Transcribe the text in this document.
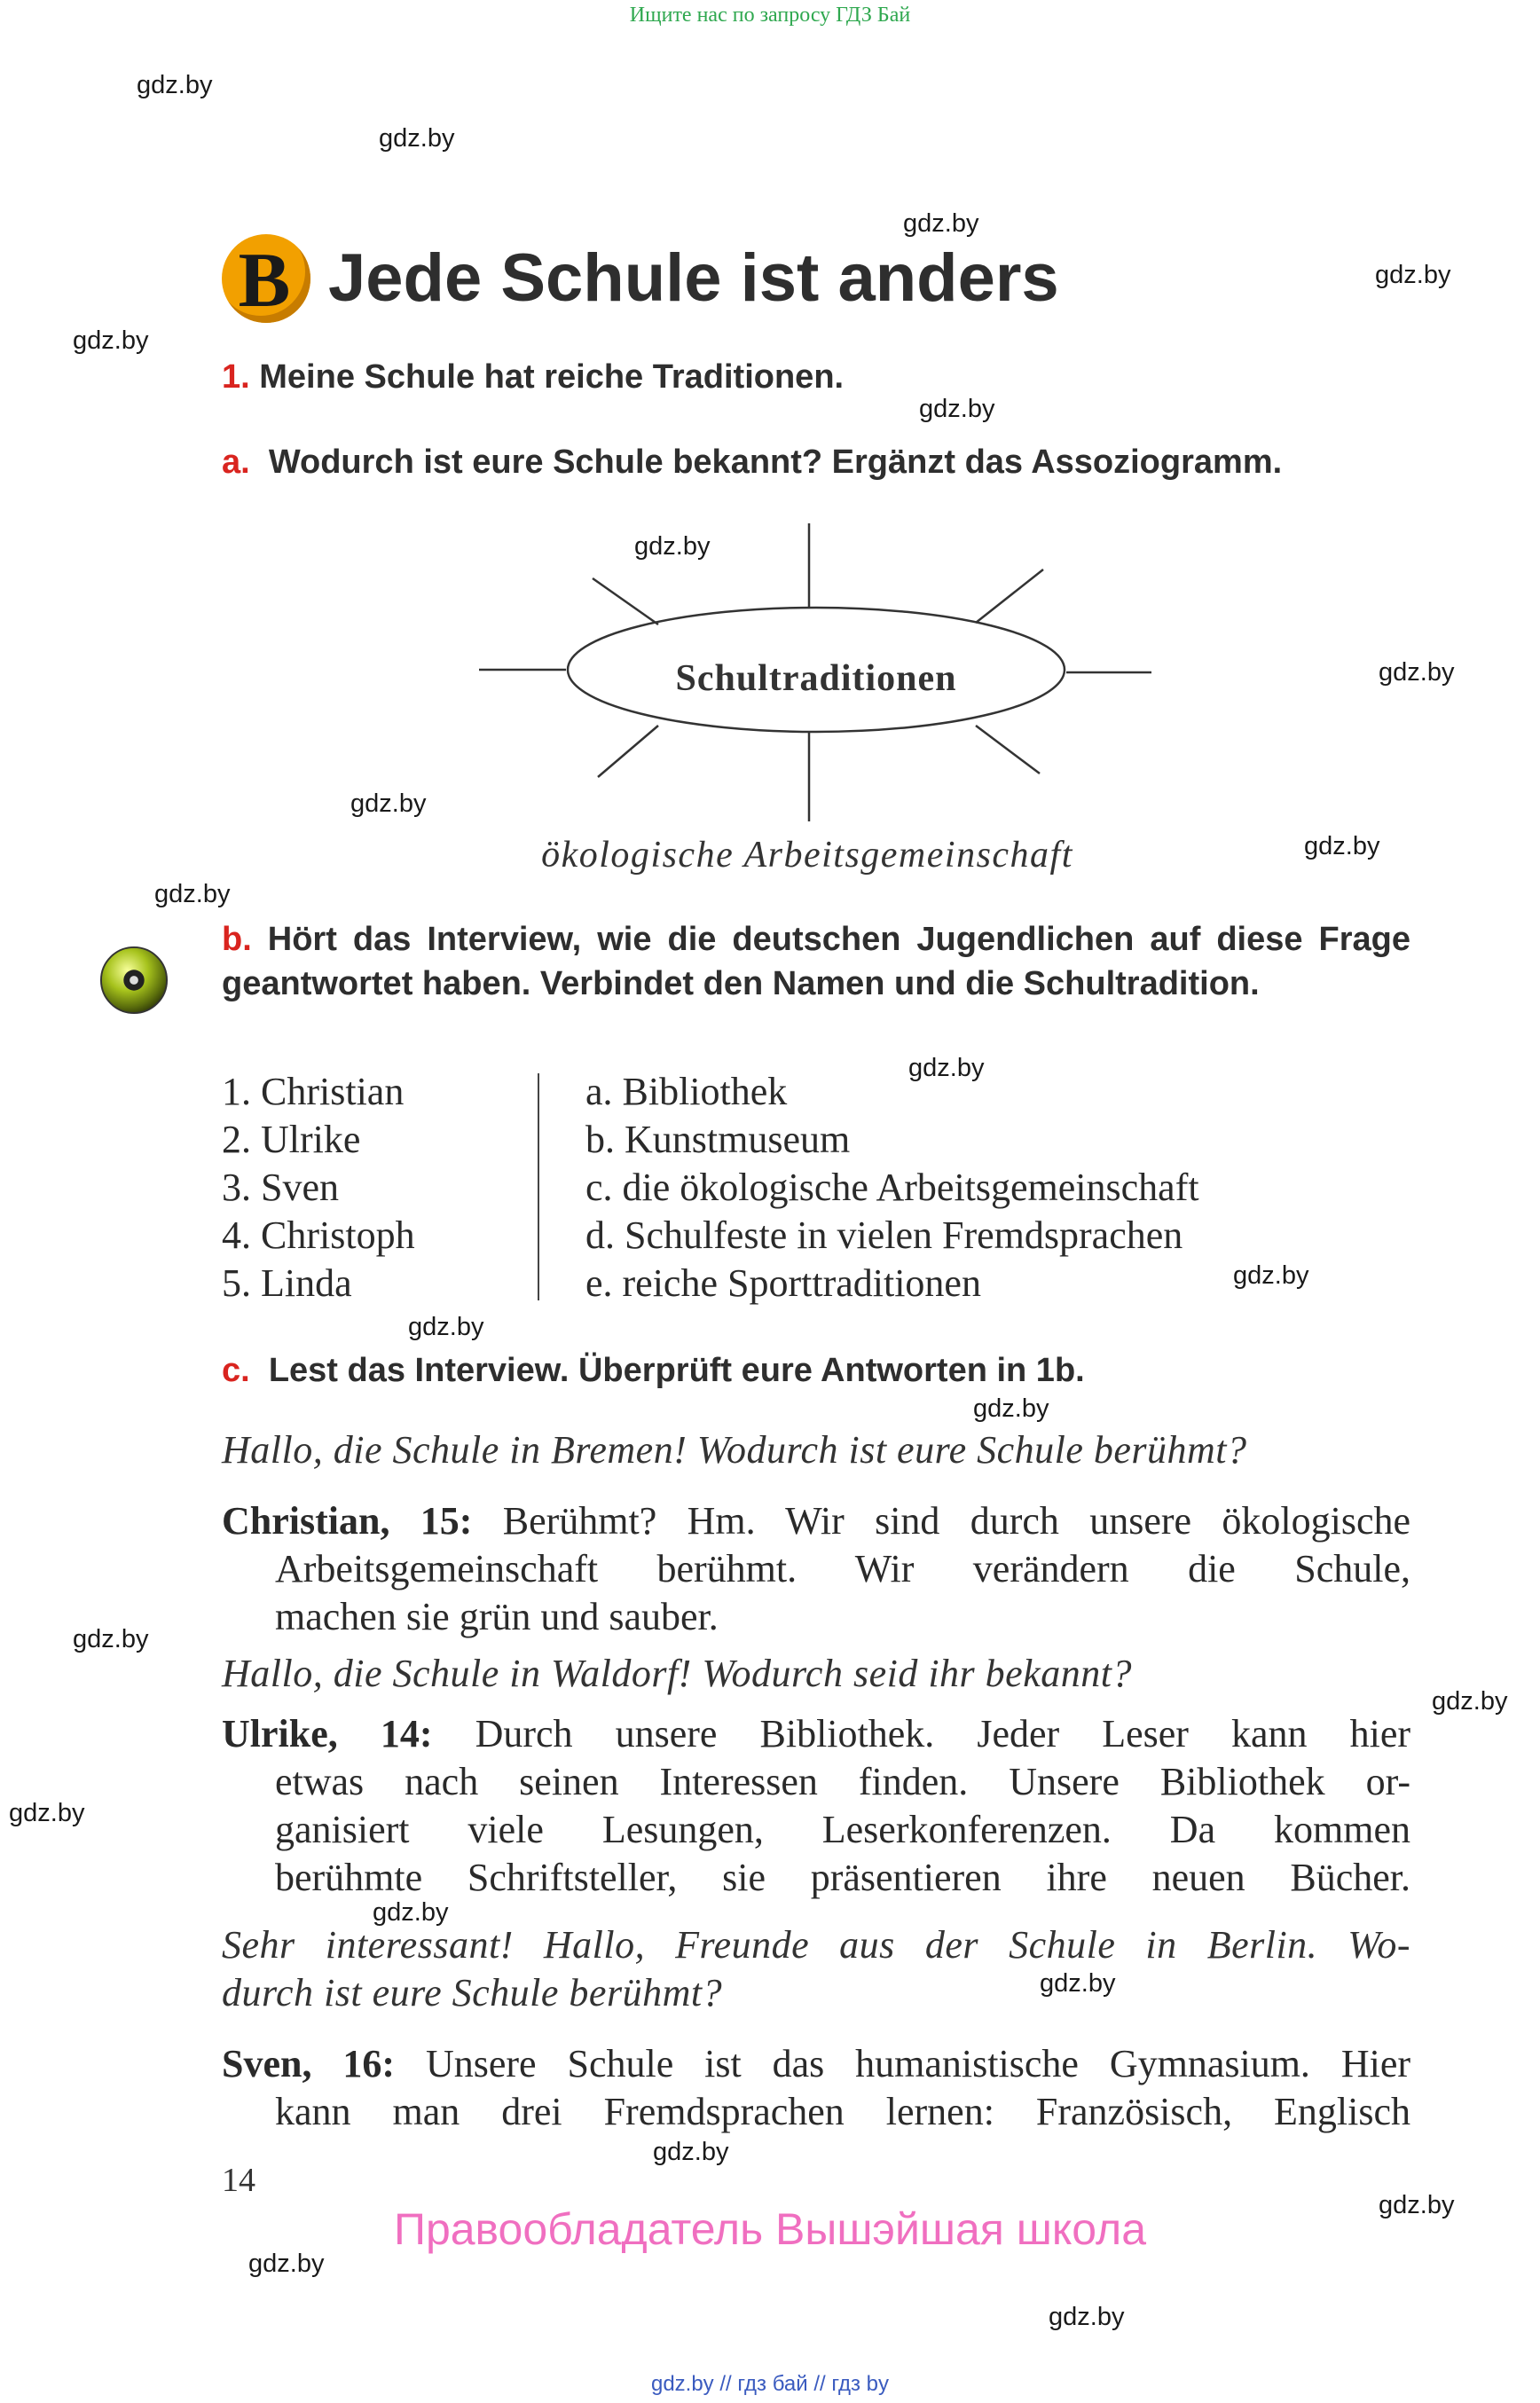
Ищите нас по запросу ГДЗ Бай
gdz.by
gdz.by
gdz.by
gdz.by
gdz.by
gdz.by
gdz.by
gdz.by
gdz.by
gdz.by
gdz.by
gdz.by
gdz.by
gdz.by
gdz.by
gdz.by
gdz.by
gdz.by
gdz.by
gdz.by
gdz.by
gdz.by
gdz.by
gdz.by
B Jede Schule ist anders
1. Meine Schule hat reiche Traditionen.
a. Wodurch ist eure Schule bekannt? Ergänzt das Assoziogramm.
Schultraditionen
ökologische Arbeitsgemeinschaft
b. Hört das Interview, wie die deutschen Jugendlichen auf diese Frage geantwortet haben. Verbindet den Namen und die Schultradition.
1. Christian
2. Ulrike
3. Sven
4. Christoph
5. Linda
a. Bibliothek
b. Kunstmuseum
c. die ökologische Arbeitsgemeinschaft
d. Schulfeste in vielen Fremdsprachen
e. reiche Sporttraditionen
c. Lest das Interview. Überprüft eure Antworten in 1b.
Hallo, die Schule in Bremen! Wodurch ist eure Schule berühmt?
Christian, 15: Berühmt? Hm. Wir sind durch unsere ökologische
Arbeitsgemeinschaft berühmt. Wir verändern die Schule,
machen sie grün und sauber.
Hallo, die Schule in Waldorf! Wodurch seid ihr bekannt?
Ulrike, 14: Durch unsere Bibliothek. Jeder Leser kann hier
etwas nach seinen Interessen finden. Unsere Bibliothek or-
ganisiert viele Lesungen, Leserkonferenzen. Da kommen
berühmte Schriftsteller, sie präsentieren ihre neuen Bücher.
Sehr interessant! Hallo, Freunde aus der Schule in Berlin. Wo-
durch ist eure Schule berühmt?
Sven, 16: Unsere Schule ist das humanistische Gymnasium. Hier
kann man drei Fremdsprachen lernen: Französisch, Englisch
14
Правообладатель Вышэйшая школа
gdz.by // гдз бай // гдз by
